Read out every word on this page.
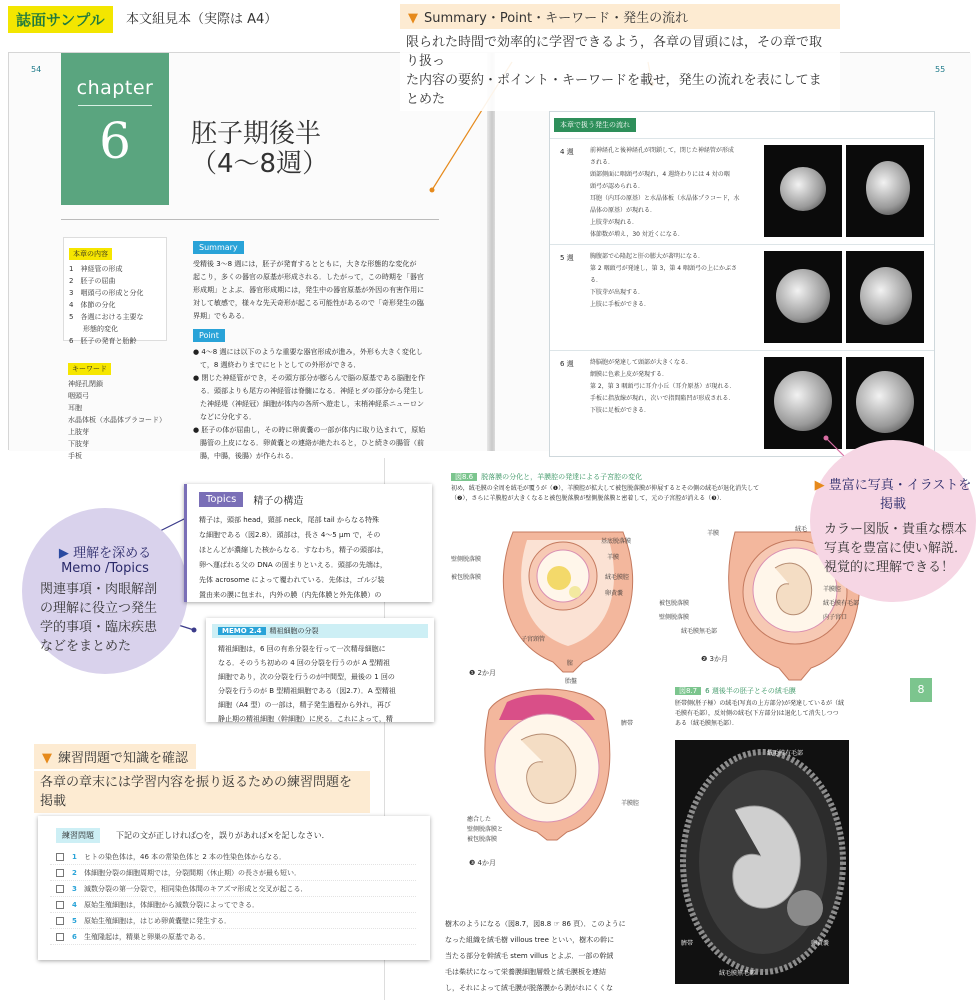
誌面サンプル	本文組見本（実際は A4）
54
chapter
6	胚子期後半
（4〜8週）
本章の内容
1　神経管の形成
2　胚子の屈曲
3　咽頭弓の形成と分化
4　体節の分化
5　各週における主要な
　　形態的変化
6　胚子の発育と胎齢
キーワード
神経孔閉鎖
咽頭弓
耳胞
水晶体板（水晶体プラコード）
上肢芽
下肢芽
手板
Summary
受精後 3〜8 週には，胚子が発育するとともに，大きな形態的な変化が
起こり，多くの器官の原基が形成される．したがって，この時期を「器官
形成期」とよぶ．器官形成期には，発生中の器官原基が外因の有害作用に
対して敏感で，様々な先天奇形が起こる可能性があるので「奇形発生の臨
界期」でもある．
Point
● 4〜8 週には以下のような重要な器官形成が進み，外形も大きく変化し
　て，8 週終わりまでにヒトとしての外形ができる．
● 閉じた神経管ができ，その頭方部分が膨らんで脳の原基である脳胞を作
　る．頭部よりも尾方の神経管は脊髄になる．神経ヒダの部分から発生し
　た神経堤（神経冠）細胞が体内の各所へ遊走し，末梢神経系ニューロン
　などに分化する．
● 胚子の体が屈曲し，その時に卵黄嚢の一部が体内に取り込まれて，原始
　腸管の上皮になる．卵黄嚢との連絡が絶たれると，ひと続きの腸管（前
　腸，中腸，後腸）が作られる．
55
本章で扱う発生の流れ
4 週	前神経孔と後神経孔が閉鎖して，閉じた神経管が形成
される．
頭部側面に咽頭弓が現れ，4 週終わりには 4 対の咽
頭弓が認められる．
耳胞（内耳の原基）と水晶体板（水晶体プラコード，水
晶体の原基）が現れる．
上肢芽が現れる．
体節数が増え，30 対近くになる．
5 週	胸腹部で心隆起と肝の膨大が著明になる．
第 2 咽頭弓が発達し，第 3，第 4 咽頭弓の上にかぶさ
る．
下肢芽が出現する．
上肢に手板ができる．
6 週	終脳胞が発達して頭部が大きくなる．
網膜に色素上皮が発現する．
第 2，第 3 咽頭弓に耳介小丘（耳介原基）が現れる．
手板に指放線が現れ，次いで指間陥凹が形成される．
下肢に足板ができる．
▼ Summary・Point・キーワード・発生の流れ
限られた時間で効率的に学習できるよう，各章の冒頭には，その章で取り扱っ
た内容の要約・ポイント・キーワードを載せ，発生の流れを表にしてまとめた
図8.6 脱落膜の分化と，羊膜腔の発達による子宮腔の変化
初め，絨毛膜の全周を絨毛が覆うが（❶），羊膜腔が拡大して被包脱落膜が伸展するとその側の絨毛が退化消失して
（❷），さらに羊膜腔が大きくなると被包脱落膜が壁側脱落膜と密着して，元の子宮腔が消える（❸）．
基底脱落膜
羊膜
壁側脱落膜
被包脱落膜	絨毛膜腔
卵黄嚢
子宮頸管
膣
❶ 2か月
羊膜
絨毛
被包脱落膜
壁側脱落膜
絨毛膜無毛部
羊膜腔
絨毛膜有毛部
内子宮口
❷ 3か月
胎盤
臍帯
羊膜腔
癒合した
壁側脱落膜と
被包脱落膜
❸ 4か月
図8.7 6 週後半の胚子とその絨毛膜
胚帯側(胚子極）の絨毛(写真の上方部分)が発達しているが（絨
毛膜有毛部），反対側の絨毛(下方部分)は退化して消失しつつ
ある（絨毛膜無毛部）．
絨毛膜有毛部
臍帯	卵黄嚢
絨毛膜無毛部
8
樹木のようになる（図8.7，図8.8 ☞ 86 頁）．このように
なった組織を絨毛樹 villous tree といい，樹木の幹に
当たる部分を幹絨毛 stem villus とよぶ．一部の幹絨
毛は柴状になって栄養膜細胞層殻と絨毛膜板を連結
し，それによって絨毛膜が脱落膜から剥がれにくくな
▶ 豊富に写真・イラストを掲載
カラー図版・貴重な標本
写真を豊富に使い解説．
視覚的に理解できる！
▶ 理解を深める
Memo /Topics
関連事項・肉眼解剖
の理解に役立つ発生
学的事項・臨床疾患
などをまとめた
Topics	精子の構造
精子は，頭部 head，頸部 neck，尾部 tail からなる特殊
な細胞である（図2.8）．頭部は，長さ 4〜5 μm で，その
ほとんどが濃縮した核からなる．すなわち，精子の頭部は，
卵へ運ばれる父の DNA の固まりといえる．頭部の先端は，
先体 acrosome によって覆われている．先体は，ゴルジ装
置由来の膜に包まれ，内外の膜（内先体膜と外先体膜）の
MEMO 2.4 精祖細胞の分裂
精祖細胞は，6 回の有糸分裂を行って一次精母細胞に
なる．そのうち初めの 4 回の分裂を行うのが A 型精祖
細胞であり，次の分裂を行うのが中間型，最後の 1 回の
分裂を行うのが B 型精祖細胞である（図2.7）．A 型精祖
細胞（A4 型）の一部は，精子発生過程から外れ，再び
静止期の精祖細胞（幹細胞）に戻る．これによって，精
▼ 練習問題で知識を確認
各章の章末には学習内容を振り返るための練習問題を掲載
練習問題	下記の文が正しければ○を，誤りがあれば×を記しなさい．
1	ヒトの染色体は，46 本の常染色体と 2 本の性染色体からなる．
2	体細胞分裂の細胞周期では，分裂間期（休止期）の長さが最も短い．
3	減数分裂の第一分裂で，相同染色体間のキアズマ形成と交叉が起こる．
4	原始生殖細胞は，体細胞から減数分裂によってできる．
5	原始生殖細胞は，はじめ卵黄嚢壁に発生する．
6	生殖隆起は，精巣と卵巣の原基である．
